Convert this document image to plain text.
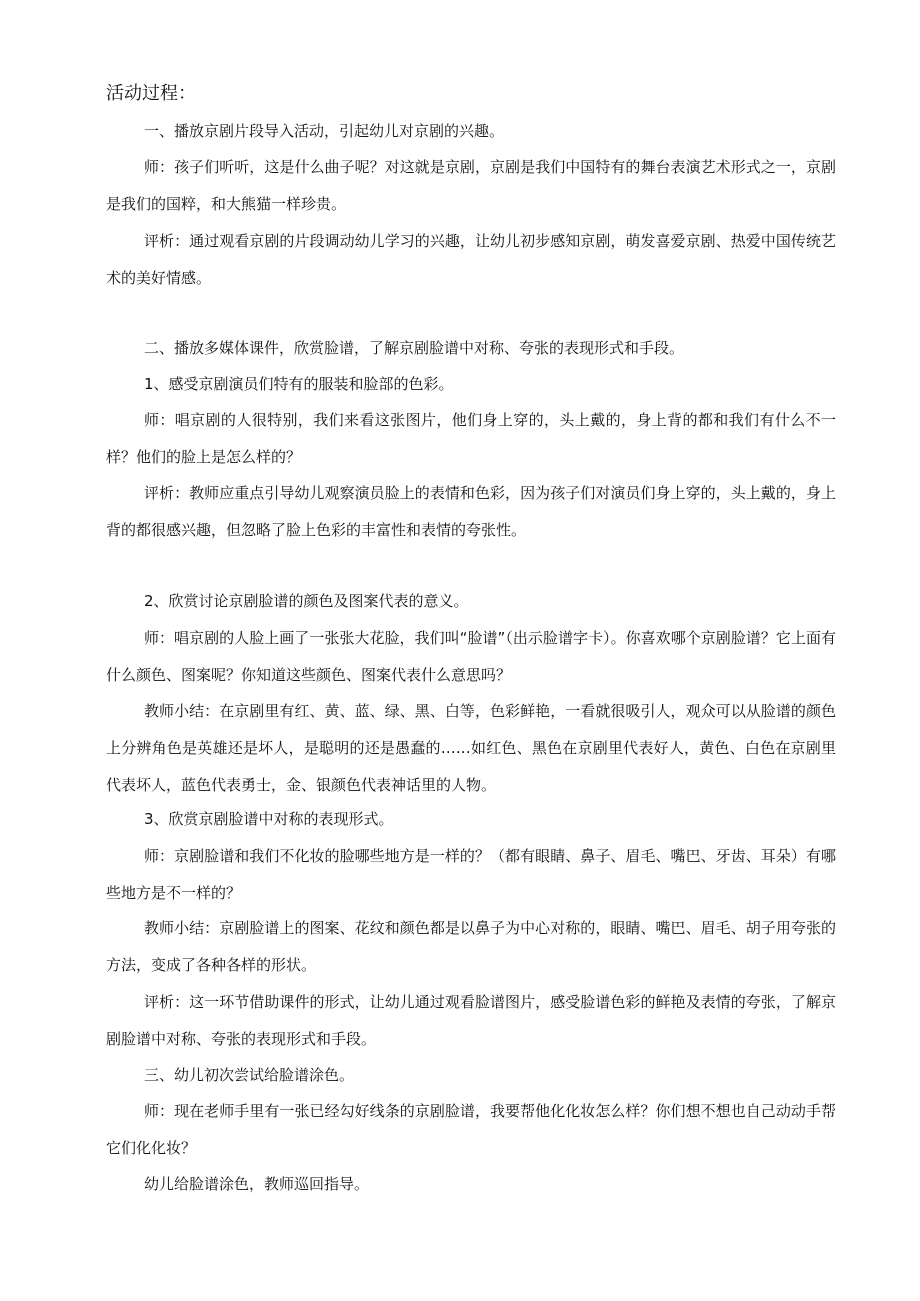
活动过程：

一、播放京剧片段导入活动，引起幼儿对京剧的兴趣。

师：孩子们听听，这是什么曲子呢？对这就是京剧，京剧是我们中国特有的舞台表演艺术形式之一，京剧是我们的国粹，和大熊猫一样珍贵。

评析：通过观看京剧的片段调动幼儿学习的兴趣，让幼儿初步感知京剧，萌发喜爱京剧、热爱中国传统艺术的美好情感。

二、播放多媒体课件，欣赏脸谱，了解京剧脸谱中对称、夸张的表现形式和手段。

1、感受京剧演员们特有的服装和脸部的色彩。

师：唱京剧的人很特别，我们来看这张图片，他们身上穿的，头上戴的，身上背的都和我们有什么不一样？他们的脸上是怎么样的？

评析：教师应重点引导幼儿观察演员脸上的表情和色彩，因为孩子们对演员们身上穿的，头上戴的，身上背的都很感兴趣，但忽略了脸上色彩的丰富性和表情的夸张性。

2、欣赏讨论京剧脸谱的颜色及图案代表的意义。

师：唱京剧的人脸上画了一张张大花脸，我们叫“脸谱”（出示脸谱字卡）。你喜欢哪个京剧脸谱？它上面有什么颜色、图案呢？你知道这些颜色、图案代表什么意思吗？

教师小结：在京剧里有红、黄、蓝、绿、黑、白等，色彩鲜艳，一看就很吸引人，观众可以从脸谱的颜色上分辨角色是英雄还是坏人，是聪明的还是愚蠢的……如红色、黑色在京剧里代表好人，黄色、白色在京剧里代表坏人，蓝色代表勇士，金、银颜色代表神话里的人物。

3、欣赏京剧脸谱中对称的表现形式。

师：京剧脸谱和我们不化妆的脸哪些地方是一样的？（都有眼睛、鼻子、眉毛、嘴巴、牙齿、耳朵）有哪些地方是不一样的？

教师小结：京剧脸谱上的图案、花纹和颜色都是以鼻子为中心对称的，眼睛、嘴巴、眉毛、胡子用夸张的方法，变成了各种各样的形状。

评析：这一环节借助课件的形式，让幼儿通过观看脸谱图片，感受脸谱色彩的鲜艳及表情的夸张，了解京剧脸谱中对称、夸张的表现形式和手段。

三、幼儿初次尝试给脸谱涂色。

师：现在老师手里有一张已经勾好线条的京剧脸谱，我要帮他化化妆怎么样？你们想不想也自己动动手帮它们化化妆？

幼儿给脸谱涂色，教师巡回指导。
